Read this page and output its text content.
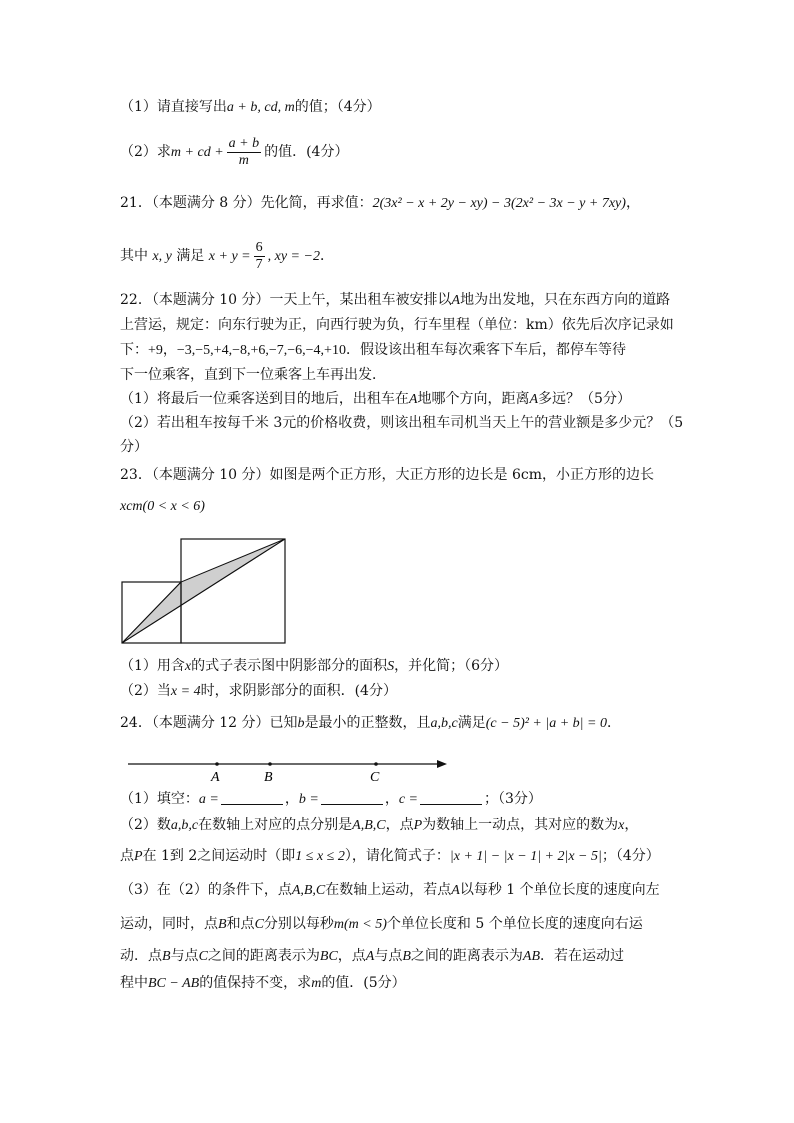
（1）请直接写出a + b, cd, m的值；（4分）
（2）求m + cd + $\frac{a + b}{m}$ 的值．(4分）
21．（本题满分 8 分）先化简，再求值：2(3x² − x + 2y − xy) − 3(2x² − 3x − y + 7xy)，
其中 x, y 满足 $x + y = \frac{6}{7}$ , xy = −2．
22．（本题满分 10 分）一天上午，某出租车被安排以A地为出发地，只在东西方向的道路
上营运，规定：向东行驶为正，向西行驶为负，行车里程（单位：km）依先后次序记录如
下：+9，−3,−5,+4,−8,+6,−7,−6,−4,+10．假设该出租车每次乘客下车后，都停车等待
下一位乘客，直到下一位乘客上车再出发．
（1）将最后一位乘客送到目的地后，出租车在A地哪个方向，距离A多远？（5分）
（2）若出租车按每千米 3元的价格收费，则该出租车司机当天上午的营业额是多少元？（5
分）
23．（本题满分 10 分）如图是两个正方形，大正方形的边长是 6cm，小正方形的边长
xcm(0 < x < 6)
（1）用含x的式子表示图中阴影部分的面积S，并化简；（6分）
（2）当x = 4时，求阴影部分的面积．(4分）
24．（本题满分 12 分）已知b是最小的正整数，且a,b,c满足(c − 5)² + |a + b| = 0．
A	B	C
（1）填空：a =	，b =	，c =	；（3分）
（2）数a,b,c在数轴上对应的点分别是A,B,C，点P为数轴上一动点，其对应的数为x，
点P在 1到 2之间运动时（即1 ≤ x ≤ 2），请化简式子：|x + 1| − |x − 1| + 2|x − 5|；（4分）
（3）在（2）的条件下，点A,B,C在数轴上运动，若点A以每秒 1 个单位长度的速度向左
运动，同时，点B和点C分别以每秒m(m < 5)个单位长度和 5 个单位长度的速度向右运
动．点B与点C之间的距离表示为BC，点A与点B之间的距离表示为AB．若在运动过
程中BC − AB的值保持不变，求m的值．(5分）
